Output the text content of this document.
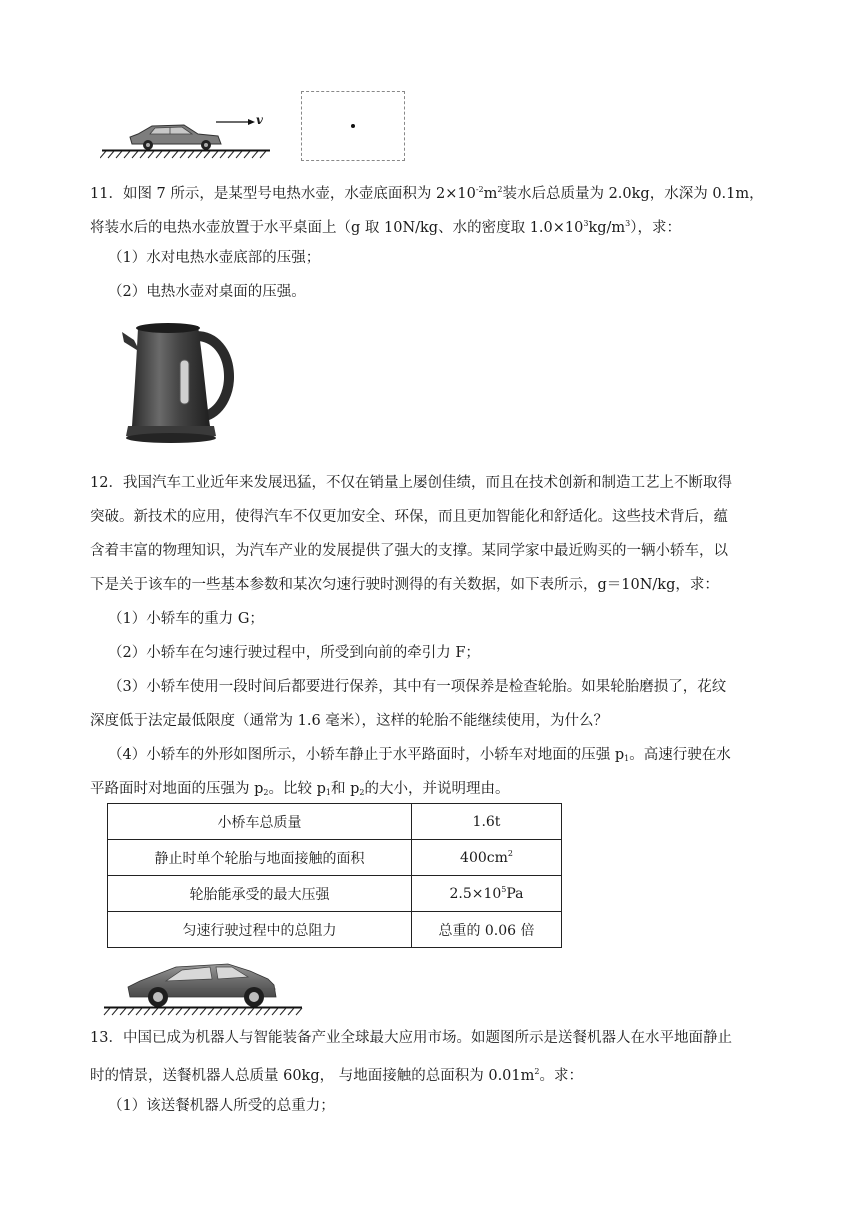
v
11．如图 7 所示，是某型号电热水壶，水壶底面积为 $2\times 10^{-2}m^2$装水后总质量为 2.0kg，水深为 0.1m，
将装水后的电热水壶放置于水平桌面上（g 取 10N/kg、水的密度取 $1.0\times 10^3kg/m^3$），求：
（1）水对电热水壶底部的压强；
（2）电热水壶对桌面的压强。
12．我国汽车工业近年来发展迅猛，不仅在销量上屡创佳绩，而且在技术创新和制造工艺上不断取得
突破。新技术的应用，使得汽车不仅更加安全、环保，而且更加智能化和舒适化。这些技术背后，蕴
含着丰富的物理知识，为汽车产业的发展提供了强大的支撑。某同学家中最近购买的一辆小轿车，以
下是关于该车的一些基本参数和某次匀速行驶时测得的有关数据，如下表所示，g＝10N/kg，求：
（1）小轿车的重力 G；
（2）小轿车在匀速行驶过程中，所受到向前的牵引力 F；
（3）小轿车使用一段时间后都要进行保养，其中有一项保养是检查轮胎。如果轮胎磨损了，花纹
深度低于法定最低限度（通常为 1.6 毫米），这样的轮胎不能继续使用，为什么？
（4）小轿车的外形如图所示，小轿车静止于水平路面时，小轿车对地面的压强 $p_1$。高速行驶在水
平路面时对地面的压强为 $p_2$。比较 $p_1$和 $p_2$的大小，并说明理由。
小桥车总质量	1.6t
静止时单个轮胎与地面接触的面积	$400cm^2$
轮胎能承受的最大压强	$2.5\times 10^5Pa$
匀速行驶过程中的总阻力	总重的 0.06 倍
13．中国已成为机器人与智能装备产业全球最大应用市场。如题图所示是送餐机器人在水平地面静止
时的情景，送餐机器人总质量 60kg， 与地面接触的总面积为 $0.01m^2$。求：
（1）该送餐机器人所受的总重力；
